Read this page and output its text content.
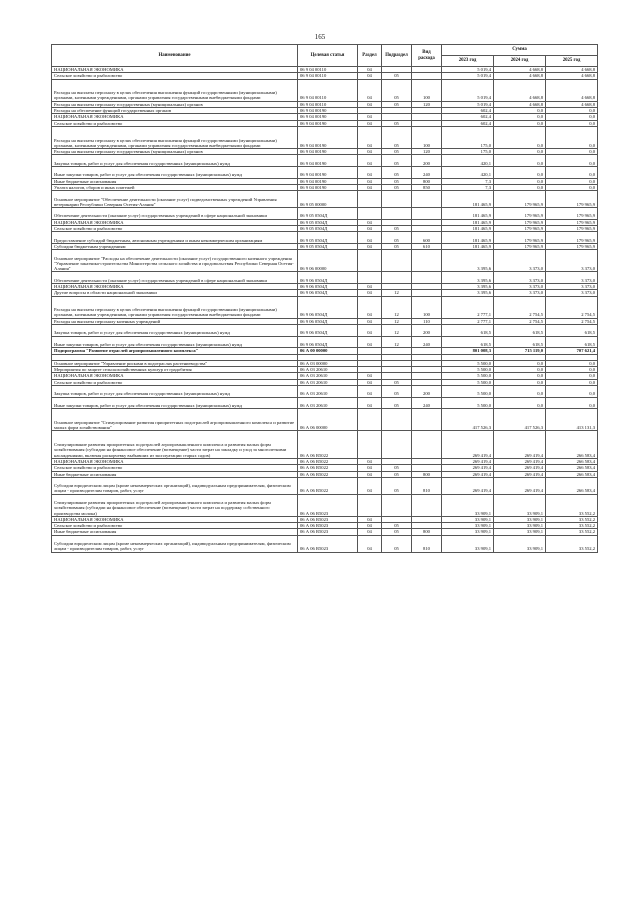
165
Наименование	Целевая статья	Раздел	Подраздел	Вид расхода	Сумма		
					2023 год	2024 год	2025 год
НАЦИОНАЛЬНАЯ ЭКОНОМИКА	06 9 04 00110	04			5 019,4	4 668,8	4 668,8
Сельское хозяйство и рыболовство	06 9 04 00110	04	05		5 019,4	4 668,8	4 668,8
Расходы на выплаты персоналу в целях обеспечения выполнения функций государственными (муниципальными) органами, казенными учреждениями, органами управления государственными внебюджетными фондами	06 9 04 00110	04	05	100	5 019,4	4 668,8	4 668,8
Расходы на выплаты персоналу государственных (муниципальных) органов	06 9 04 00110	04	05	120	5 019,4	4 668,8	4 668,8
Расходы на обеспечение функций государственных органов	06 9 04 00190				602,4	0,0	0,0
НАЦИОНАЛЬНАЯ ЭКОНОМИКА	06 9 04 00190	04			602,4	0,0	0,0
Сельское хозяйство и рыболовство	06 9 04 00190	04	05		602,4	0,0	0,0
Расходы на выплаты персоналу в целях обеспечения выполнения функций государственными (муниципальными) органами, казенными учреждениями, органами управления государственными внебюджетными фондами	06 9 04 00190	04	05	100	175,0	0,0	0,0
Расходы на выплаты персоналу государственных (муниципальных) органов	06 9 04 00190	04	05	120	175,0	0,0	0,0
Закупка товаров, работ и услуг для обеспечения государственных (муниципальных) нужд	06 9 04 00190	04	05	200	420,1	0,0	0,0
Иные закупки товаров, работ и услуг для обеспечения государственных (муниципальных) нужд	06 9 04 00190	04	05	240	420,1	0,0	0,0
Иные бюджетные ассигнования	06 9 04 00190	04	05	800	7,3	0,0	0,0
Уплата налогов, сборов и иных платежей	06 9 04 00190	04	05	850	7,3	0,0	0,0
Основное мероприятие "Обеспечение деятельности (оказание услуг) подведомственных учреждений Управления ветеринарии Республики Северная Осетия-Алания"	06 9 05 00000				181 465,9	179 965,9	179 965,9
Обеспечение деятельности (оказание услуг) государственных учреждений в сфере национальной экономики	06 9 05 0504Д				181 465,9	179 965,9	179 965,9
НАЦИОНАЛЬНАЯ ЭКОНОМИКА	06 9 05 0504Д	04			181 465,9	179 965,9	179 965,9
Сельское хозяйство и рыболовство	06 9 05 0504Д	04	05		181 465,9	179 965,9	179 965,9
Предоставление субсидий бюджетным, автономным учреждениям и иным некоммерческим организациям	06 9 05 0504Д	04	05	600	181 465,9	179 965,9	179 965,9
Субсидии бюджетным учреждениям	06 9 05 0504Д	04	05	610	181 465,9	179 965,9	179 965,9
Основное мероприятие "Расходы на обеспечение деятельности (оказание услуг) государственного казенного учреждения "Управление заказчика-строительства Министерства сельского хозяйства и продовольствия Республики Северная Осетия-Алания"	06 9 06 00000				3 395,6	3 373,0	3 373,0
Обеспечение деятельности (оказание услуг) государственных учреждений в сфере национальной экономики	06 9 06 0504Д				3 395,6	3 373,0	3 373,0
НАЦИОНАЛЬНАЯ ЭКОНОМИКА	06 9 06 0504Д	04			3 395,6	3 373,0	3 373,0
Другие вопросы в области национальной экономики	06 9 06 0504Д	04	12		3 395,6	3 373,0	3 373,0
Расходы на выплаты персоналу в целях обеспечения выполнения функций государственными (муниципальными) органами, казенными учреждениями, органами управления государственными внебюджетными фондами	06 9 06 0504Д	04	12	100	2 777,1	2 754,5	2 754,5
Расходы на выплаты персоналу казенных учреждений	06 9 06 0504Д	04	12	110	2 777,1	2 754,5	2 754,5
Закупка товаров, работ и услуг для обеспечения государственных (муниципальных) нужд	06 9 06 0504Д	04	12	200	618,5	618,5	618,5
Иные закупки товаров, работ и услуг для обеспечения государственных (муниципальных) нужд	06 9 06 0504Д	04	12	240	618,5	618,5	618,5
Подпрограмма "Развитие отраслей агропромышленного комплекса"	06 А 00 00000				801 008,3	715 119,0	707 621,4

Основное мероприятие "Управление рисками в подотраслях растениеводства"	06 А 03 00000				5 500,0	0,0	0,0
Мероприятия по защите сельскохозяйственных культур от градобития	06 А 03 20610				5 500,0	0,0	0,0
НАЦИОНАЛЬНАЯ ЭКОНОМИКА	06 А 03 20610	04			5 500,0	0,0	0,0
Сельское хозяйство и рыболовство	06 А 03 20610	04	05		5 500,0	0,0	0,0
Закупка товаров, работ и услуг для обеспечения государственных (муниципальных) нужд	06 А 03 20610	04	05	200	5 500,0	0,0	0,0
Иные закупки товаров, работ и услуг для обеспечения государственных (муниципальных) нужд	06 А 03 20610	04	05	240	5 500,0	0,0	0,0
Основное мероприятие "Стимулирование развития приоритетных подотраслей агропромышленного комплекса и развитие малых форм хозяйствования"	06 А 06 00000				417 526,3	417 526,3	413 131,3
Стимулирование развития приоритетных подотраслей агропромышленного комплекса и развития малых форм хозяйствования (субсидии на финансовое обеспечение (возмещение) части затрат на закладку и уход за многолетними насаждениями, включая раскорчевку выбывших из эксплуатации старых садов)	06 А 06 R5022				269 419,4	269 419,4	266 583,4
НАЦИОНАЛЬНАЯ ЭКОНОМИКА	06 А 06 R5022	04			269 419,4	269 419,4	266 583,4
Сельское хозяйство и рыболовство	06 А 06 R5022	04	05		269 419,4	269 419,4	266 583,4
Иные бюджетные ассигнования	06 А 06 R5022	04	05	800	269 419,4	269 419,4	266 583,4
Субсидии юридическим лицам (кроме некоммерческих организаций), индивидуальным предпринимателям, физическим лицам - производителям товаров, работ, услуг	06 А 06 R5022	04	05	810	269 419,4	269 419,4	266 583,4
Стимулирование развития приоритетных подотраслей агропромышленного комплекса и развития малых форм хозяйствования (субсидии на финансовое обеспечение (возмещение) части затрат на поддержку собственного производства молока)	06 А 06 R5023				33 909,1	33 909,1	33 552,2
НАЦИОНАЛЬНАЯ ЭКОНОМИКА	06 А 06 R5023	04			33 909,1	33 909,1	33 552,2
Сельское хозяйство и рыболовство	06 А 06 R5023	04	05		33 909,1	33 909,1	33 552,2
Иные бюджетные ассигнования	06 А 06 R5023	04	05	800	33 909,1	33 909,1	33 552,2
Субсидии юридическим лицам (кроме некоммерческих организаций), индивидуальным предпринимателям, физическим лицам - производителям товаров, работ, услуг	06 А 06 R5023	04	05	810	33 909,1	33 909,1	33 552,2
